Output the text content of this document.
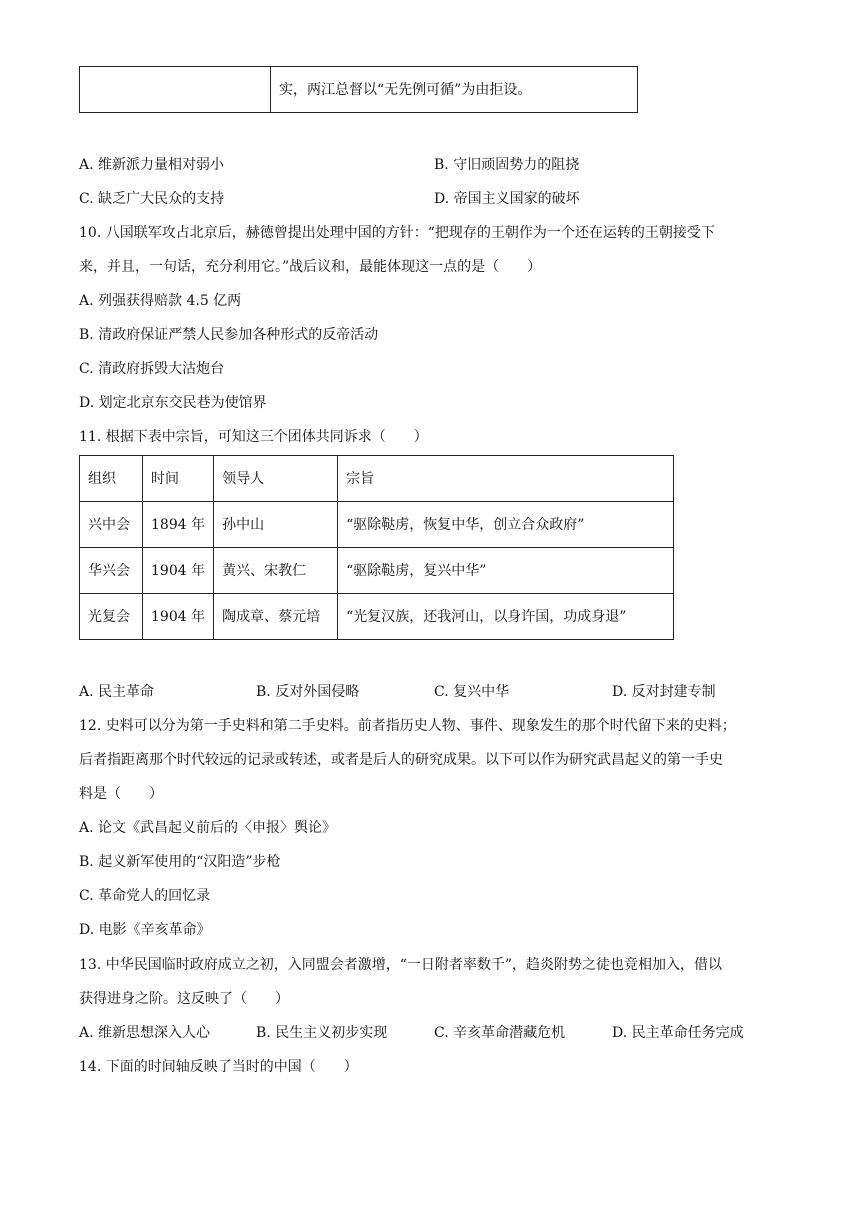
	实，两江总督以“无先例可循”为由拒设。
A. 维新派力量相对弱小	B. 守旧顽固势力的阻挠
C. 缺乏广大民众的支持	D. 帝国主义国家的破坏
10. 八国联军攻占北京后，赫德曾提出处理中国的方针：“把现存的王朝作为一个还在运转的王朝接受下
来，并且，一句话，充分利用它。”战后议和，最能体现这一点的是（　　）
A. 列强获得赔款 4.5 亿两
B. 清政府保证严禁人民参加各种形式的反帝活动
C. 清政府拆毁大沽炮台
D. 划定北京东交民巷为使馆界
11. 根据下表中宗旨，可知这三个团体共同诉求（　　）
组织	时间	领导人	宗旨
兴中会	1894 年	孙中山	“驱除鞑虏，恢复中华，创立合众政府”
华兴会	1904 年	黄兴、宋教仁	“驱除鞑虏，复兴中华”
光复会	1904 年	陶成章、蔡元培	“光复汉族，还我河山，以身许国，功成身退”
A. 民主革命	B. 反对外国侵略	C. 复兴中华	D. 反对封建专制
12. 史料可以分为第一手史料和第二手史料。前者指历史人物、事件、现象发生的那个时代留下来的史料；
后者指距离那个时代较远的记录或转述，或者是后人的研究成果。以下可以作为研究武昌起义的第一手史
料是（　　）
A. 论文《武昌起义前后的〈申报〉舆论》
B. 起义新军使用的“汉阳造”步枪
C. 革命党人的回忆录
D. 电影《辛亥革命》
13. 中华民国临时政府成立之初，入同盟会者激增，“一日附者率数千”，趋炎附势之徒也竞相加入，借以
获得进身之阶。这反映了（　　）
A. 维新思想深入人心	B. 民生主义初步实现	C. 辛亥革命潜藏危机	D. 民主革命任务完成
14. 下面的时间轴反映了当时的中国（　　）
